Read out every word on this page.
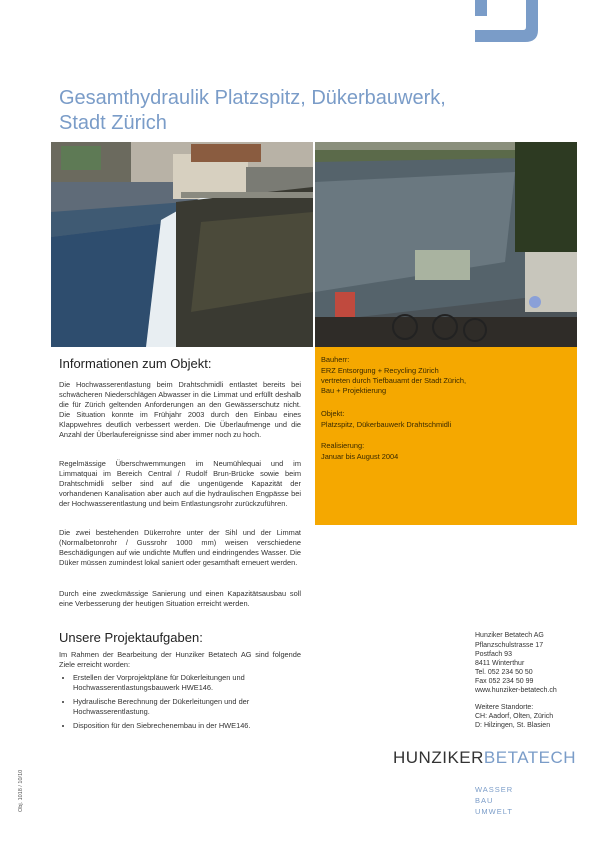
Gesamthydraulik Platzspitz, Dükerbauwerk,
Stadt Zürich
Informationen zum Objekt:

Die Hochwasserentlastung beim Drahtschmidli entlastet bereits bei schwächeren Niederschlägen Abwasser in die Limmat und erfüllt deshalb die für Zürich geltenden Anforderungen an den Gewässerschutz nicht. Die Situation konnte im Frühjahr 2003 durch den Einbau eines Klappwehres deutlich verbessert werden. Die Überlaufmenge und die Anzahl der Überlaufereignisse sind aber immer noch zu hoch.

Regelmässige Überschwemmungen im Neumühlequai und im Limmatquai im Bereich Central / Rudolf Brun-Brücke sowie beim Drahtschmidli selber sind auf die ungenügende Kapazität der vorhandenen Kanalisation aber auch auf die hydraulischen Engpässe bei der Hochwasserentlastung und beim Entlastungsrohr zurückzuführen.

Die zwei bestehenden Dükerrohre unter der Sihl und der Limmat (Normalbetonrohr / Gussrohr 1000 mm) weisen verschiedene Beschädigungen auf wie undichte Muffen und eindringendes Wasser. Die Düker müssen zumindest lokal saniert oder gesamthaft erneuert werden.

Durch eine zweckmässige Sanierung und einen Kapazitätsausbau soll eine Verbesserung der heutigen Situation erreicht werden.

Unsere Projektaufgaben:

Im Rahmen der Bearbeitung der Hunziker Betatech AG sind folgende Ziele erreicht worden:

• Erstellen der Vorprojektpläne für Dükerleitungen und Hochwasserentlastungsbauwerk HWE146.
• Hydraulische Berechnung der Dükerleitungen und der Hochwasserentlastung.
• Disposition für den Siebrechenembau in der HWE146.

Bauherr:

ERZ Entsorgung + Recycling Zürich

vertreten durch Tiefbauamt der Stadt Zürich,

Bau + Projektierung

Objekt:

Platzspitz, Dükerbauwerk Drahtschmidli

Realisierung:

Januar bis August 2004

Hunziker Betatech AG

Pflanzschulstrasse 17

Postfach 93

8411 Winterthur

Tel. 052 234 50 50

Fax 052 234 50 99

www.hunziker-betatech.ch

Weitere Standorte:

CH: Aadorf, Olten, Zürich

D: Hilzingen, St. Blasien

HUNZIKERBETATECH
WASSER
BAU
UMWELT
Obj. 1018 / 10/10
